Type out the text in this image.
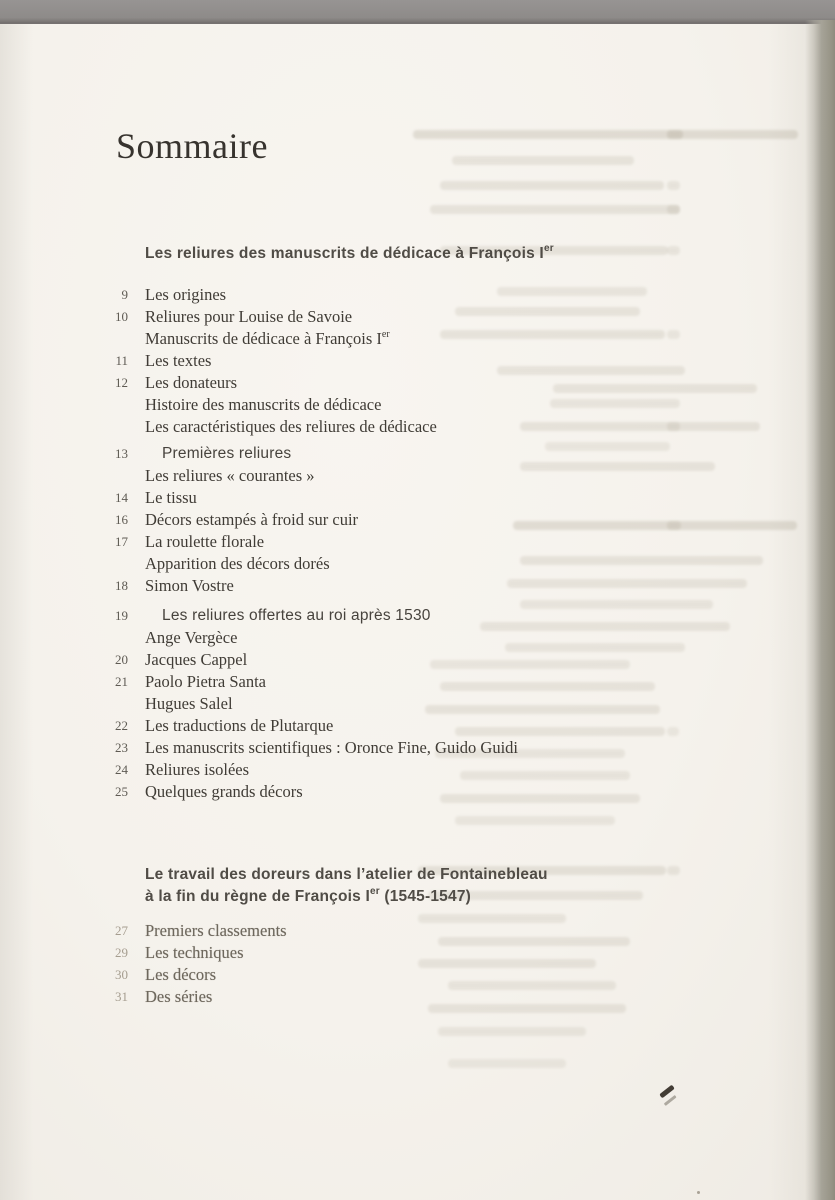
Sommaire
Les reliures des manuscrits de dédicace à François Ier
9 Les origines
10 Reliures pour Louise de Savoie
Manuscrits de dédicace à François Ier
11 Les textes
12 Les donateurs
Histoire des manuscrits de dédicace
Les caractéristiques des reliures de dédicace
13 Premières reliures
Les reliures « courantes »
14 Le tissu
16 Décors estampés à froid sur cuir
17 La roulette florale
Apparition des décors dorés
18 Simon Vostre
19 Les reliures offertes au roi après 1530
Ange Vergèce
20 Jacques Cappel
21 Paolo Pietra Santa
Hugues Salel
22 Les traductions de Plutarque
23 Les manuscrits scientifiques : Oronce Fine, Guido Guidi
24 Reliures isolées
25 Quelques grands décors
Le travail des doreurs dans l’atelier de Fontainebleau
à la fin du règne de François Ier (1545-1547)
27 Premiers classements
29 Les techniques
30 Les décors
31 Des séries
